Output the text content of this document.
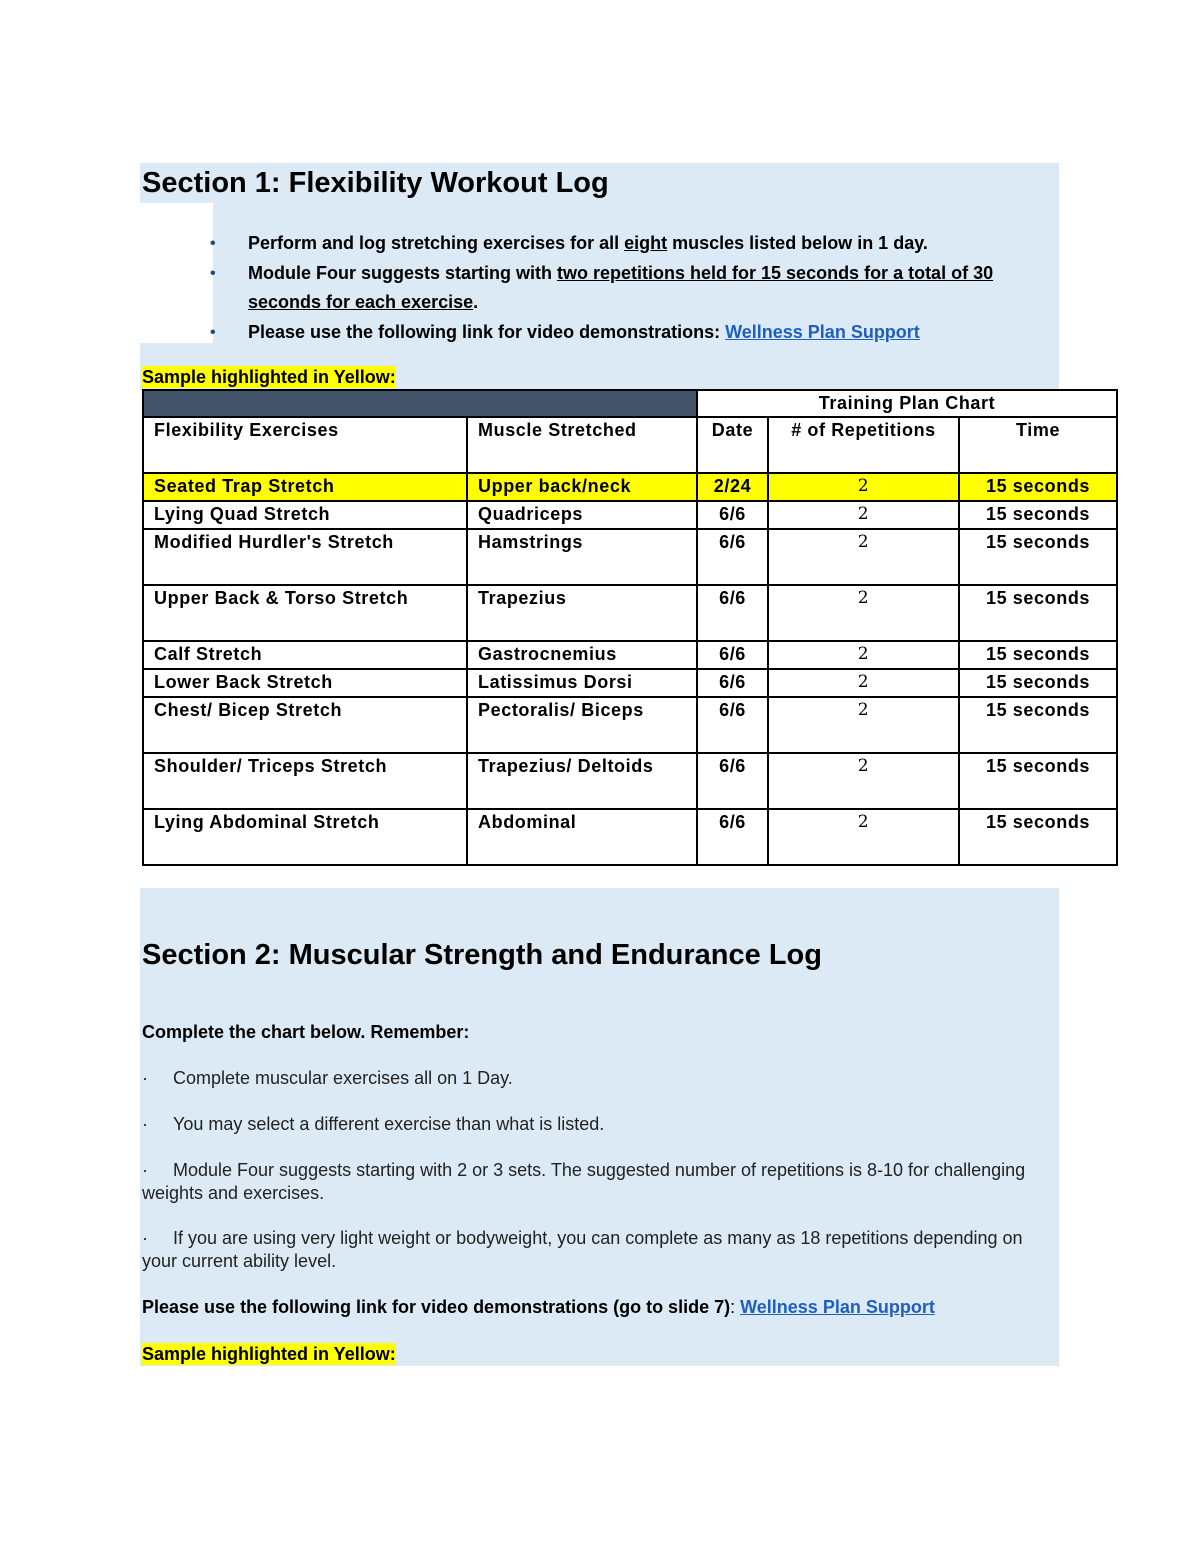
Section 1: Flexibility Workout Log
• Perform and log stretching exercises for all eight muscles listed below in 1 day.
• Module Four suggests starting with two repetitions held for 15 seconds for a total of 30 seconds for each exercise.
• Please use the following link for video demonstrations: Wellness Plan Support
Sample highlighted in Yellow:
		Training Plan Chart		
Flexibility Exercises	Muscle Stretched	Date	# of Repetitions	Time
Seated Trap Stretch	Upper back/neck	2/24	2	15 seconds
Lying Quad Stretch	Quadriceps	6/6	2	15 seconds
Modified Hurdler's Stretch	Hamstrings	6/6	2	15 seconds
Upper Back & Torso Stretch	Trapezius	6/6	2	15 seconds
Calf Stretch	Gastrocnemius	6/6	2	15 seconds
Lower Back Stretch	Latissimus Dorsi	6/6	2	15 seconds
Chest/ Bicep Stretch	Pectoralis/ Biceps	6/6	2	15 seconds
Shoulder/ Triceps Stretch	Trapezius/ Deltoids	6/6	2	15 seconds
Lying Abdominal Stretch	Abdominal	6/6	2	15 seconds
Section 2: Muscular Strength and Endurance Log
Complete the chart below. Remember:
· Complete muscular exercises all on 1 Day.
· You may select a different exercise than what is listed.
· Module Four suggests starting with 2 or 3 sets. The suggested number of repetitions is 8-10 for challenging weights and exercises.
· If you are using very light weight or bodyweight, you can complete as many as 18 repetitions depending on your current ability level.
Please use the following link for video demonstrations (go to slide 7): Wellness Plan Support
Sample highlighted in Yellow:
